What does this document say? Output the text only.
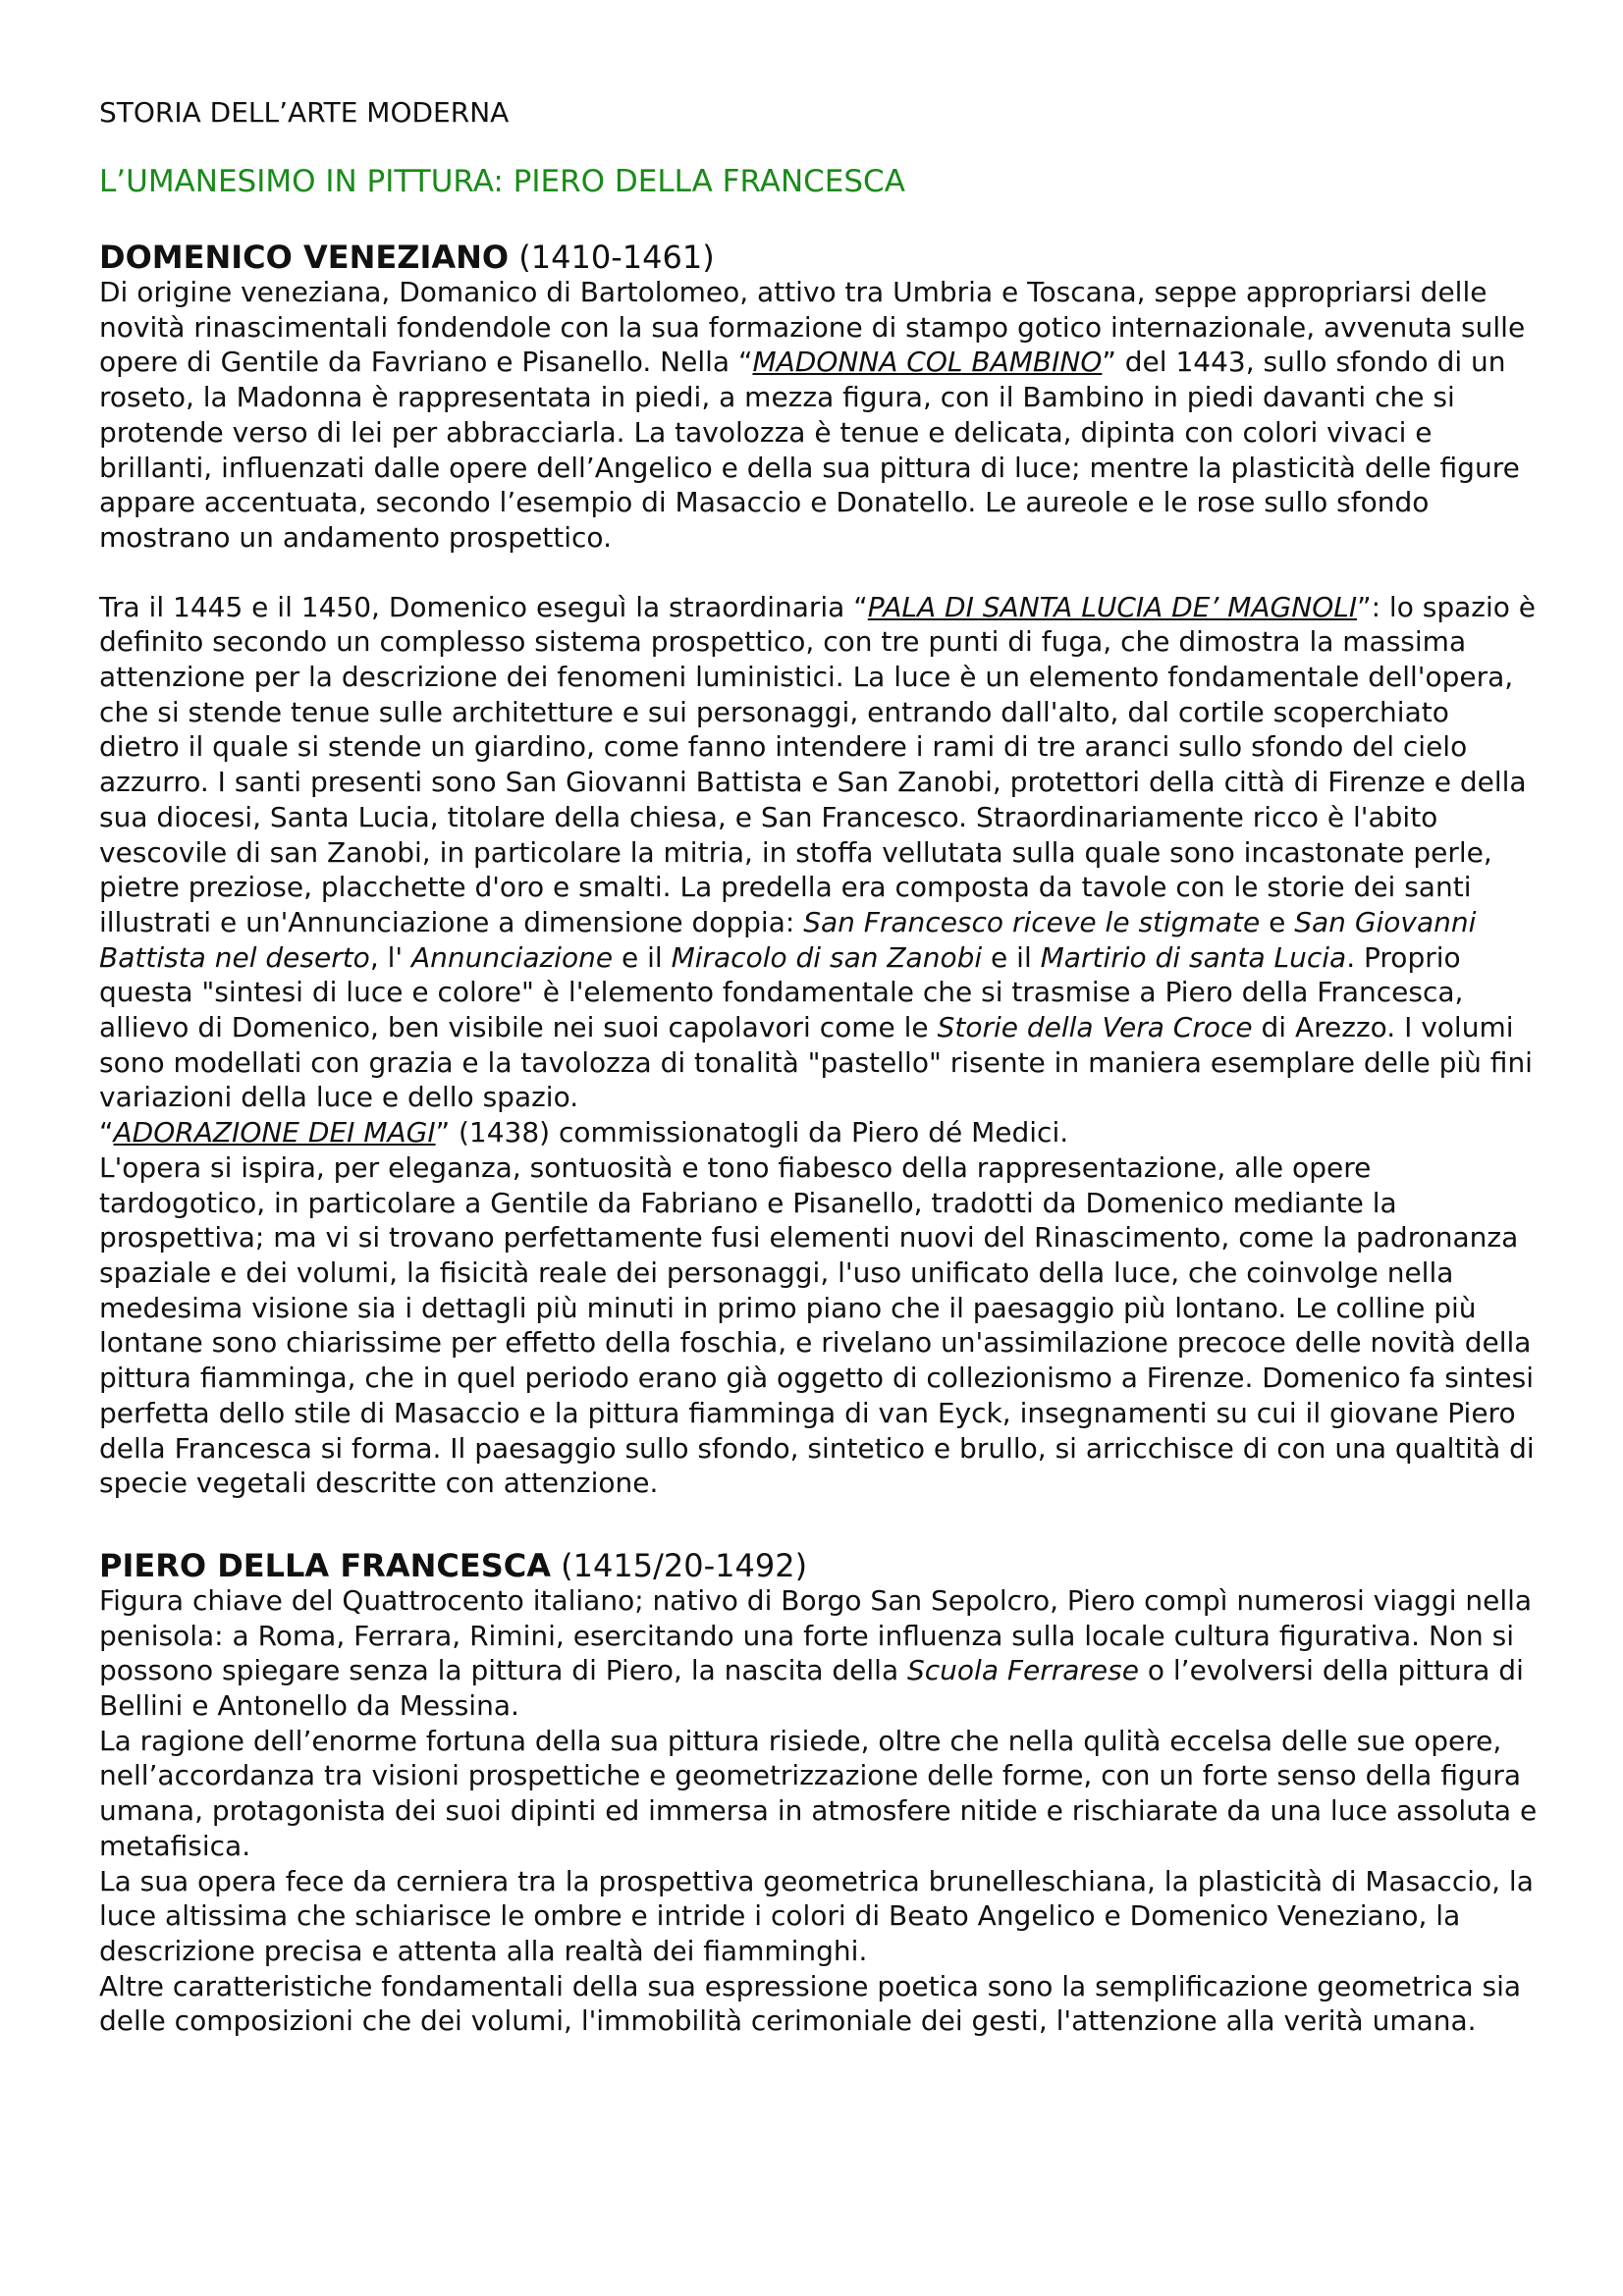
STORIA DELL’ARTE MODERNA

L’UMANESIMO IN PITTURA: PIERO DELLA FRANCESCA

DOMENICO VENEZIANO (1410-1461)

Di origine veneziana, Domanico di Bartolomeo, attivo tra Umbria e Toscana, seppe appropriarsi delle novità rinascimentali fondendole con la sua formazione di stampo gotico internazionale, avvenuta sulle opere di Gentile da Favriano e Pisanello. Nella “MADONNA COL BAMBINO” del 1443, sullo sfondo di un roseto, la Madonna è rappresentata in piedi, a mezza figura, con il Bambino in piedi davanti che si protende verso di lei per abbracciarla. La tavolozza è tenue e delicata, dipinta con colori vivaci e brillanti, influenzati dalle opere dell’Angelico e della sua pittura di luce; mentre la plasticità delle figure appare accentuata, secondo l’esempio di Masaccio e Donatello. Le aureole e le rose sullo sfondo mostrano un andamento prospettico.

Tra il 1445 e il 1450, Domenico eseguì la straordinaria “PALA DI SANTA LUCIA DE’ MAGNOLI”: lo spazio è definito secondo un complesso sistema prospettico, con tre punti di fuga, che dimostra la massima attenzione per la descrizione dei fenomeni luministici. La luce è un elemento fondamentale dell'opera, che si stende tenue sulle architetture e sui personaggi, entrando dall'alto, dal cortile scoperchiato dietro il quale si stende un giardino, come fanno intendere i rami di tre aranci sullo sfondo del cielo azzurro. I santi presenti sono San Giovanni Battista e San Zanobi, protettori della città di Firenze e della sua diocesi, Santa Lucia, titolare della chiesa, e San Francesco. Straordinariamente ricco è l'abito vescovile di san Zanobi, in particolare la mitria, in stoffa vellutata sulla quale sono incastonate perle, pietre preziose, placchette d'oro e smalti. La predella era composta da tavole con le storie dei santi illustrati e un'Annunciazione a dimensione doppia: San Francesco riceve le stigmate e San Giovanni Battista nel deserto, l' Annunciazione e il Miracolo di san Zanobi e il Martirio di santa Lucia. Proprio questa "sintesi di luce e colore" è l'elemento fondamentale che si trasmise a Piero della Francesca, allievo di Domenico, ben visibile nei suoi capolavori come le Storie della Vera Croce di Arezzo. I volumi sono modellati con grazia e la tavolozza di tonalità "pastello" risente in maniera esemplare delle più fini variazioni della luce e dello spazio.

“ADORAZIONE DEI MAGI” (1438) commissionatogli da Piero dé Medici.

L'opera si ispira, per eleganza, sontuosità e tono fiabesco della rappresentazione, alle opere tardogotico, in particolare a Gentile da Fabriano e Pisanello, tradotti da Domenico mediante la prospettiva; ma vi si trovano perfettamente fusi elementi nuovi del Rinascimento, come la padronanza spaziale e dei volumi, la fisicità reale dei personaggi, l'uso unificato della luce, che coinvolge nella medesima visione sia i dettagli più minuti in primo piano che il paesaggio più lontano. Le colline più lontane sono chiarissime per effetto della foschia, e rivelano un'assimilazione precoce delle novità della pittura fiamminga, che in quel periodo erano già oggetto di collezionismo a Firenze. Domenico fa sintesi perfetta dello stile di Masaccio e la pittura fiamminga di van Eyck, insegnamenti su cui il giovane Piero della Francesca si forma. Il paesaggio sullo sfondo, sintetico e brullo, si arricchisce di con una qualtità di specie vegetali descritte con attenzione.

PIERO DELLA FRANCESCA (1415/20-1492)

Figura chiave del Quattrocento italiano; nativo di Borgo San Sepolcro, Piero compì numerosi viaggi nella penisola: a Roma, Ferrara, Rimini, esercitando una forte influenza sulla locale cultura figurativa. Non si possono spiegare senza la pittura di Piero, la nascita della Scuola Ferrarese o l’evolversi della pittura di Bellini e Antonello da Messina.

La ragione dell’enorme fortuna della sua pittura risiede, oltre che nella qulità eccelsa delle sue opere, nell’accordanza tra visioni prospettiche e geometrizzazione delle forme, con un forte senso della figura umana, protagonista dei suoi dipinti ed immersa in atmosfere nitide e rischiarate da una luce assoluta e metafisica.

La sua opera fece da cerniera tra la prospettiva geometrica brunelleschiana, la plasticità di Masaccio, la luce altissima che schiarisce le ombre e intride i colori di Beato Angelico e Domenico Veneziano, la descrizione precisa e attenta alla realtà dei fiamminghi.

Altre caratteristiche fondamentali della sua espressione poetica sono la semplificazione geometrica sia delle composizioni che dei volumi, l'immobilità cerimoniale dei gesti, l'attenzione alla verità umana.
